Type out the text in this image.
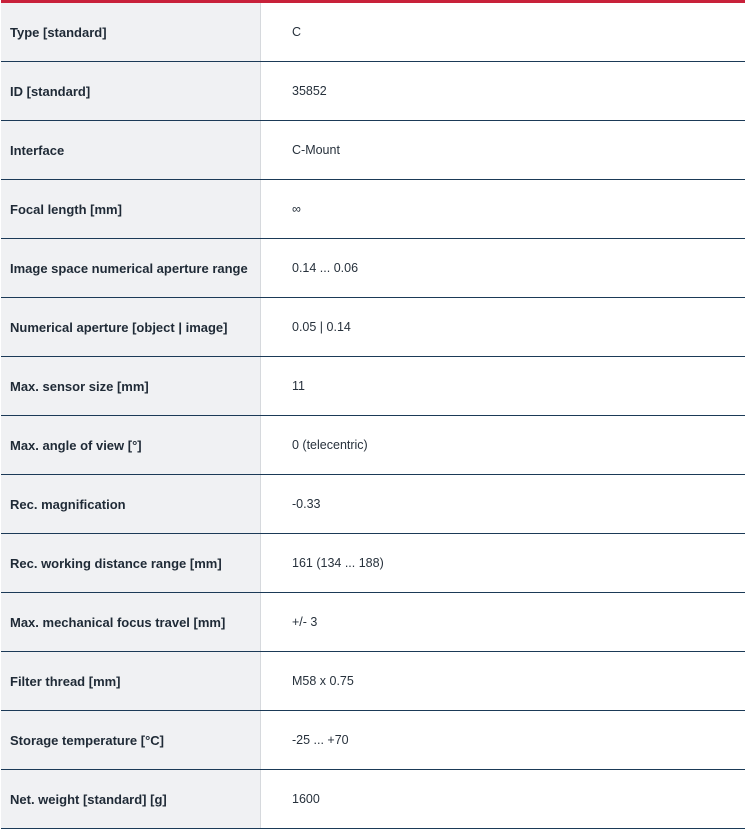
Type [standard]	C
ID [standard]	35852
Interface	C-Mount
Focal length [mm]	∞
Image space numerical aperture range	0.14 ... 0.06
Numerical aperture [object | image]	0.05 | 0.14
Max. sensor size [mm]	11
Max. angle of view [°]	0 (telecentric)
Rec. magnification	-0.33
Rec. working distance range [mm]	161 (134 ... 188)
Max. mechanical focus travel [mm]	+/- 3
Filter thread [mm]	M58 x 0.75
Storage temperature [°C]	-25 ... +70
Net. weight [standard] [g]	1600
